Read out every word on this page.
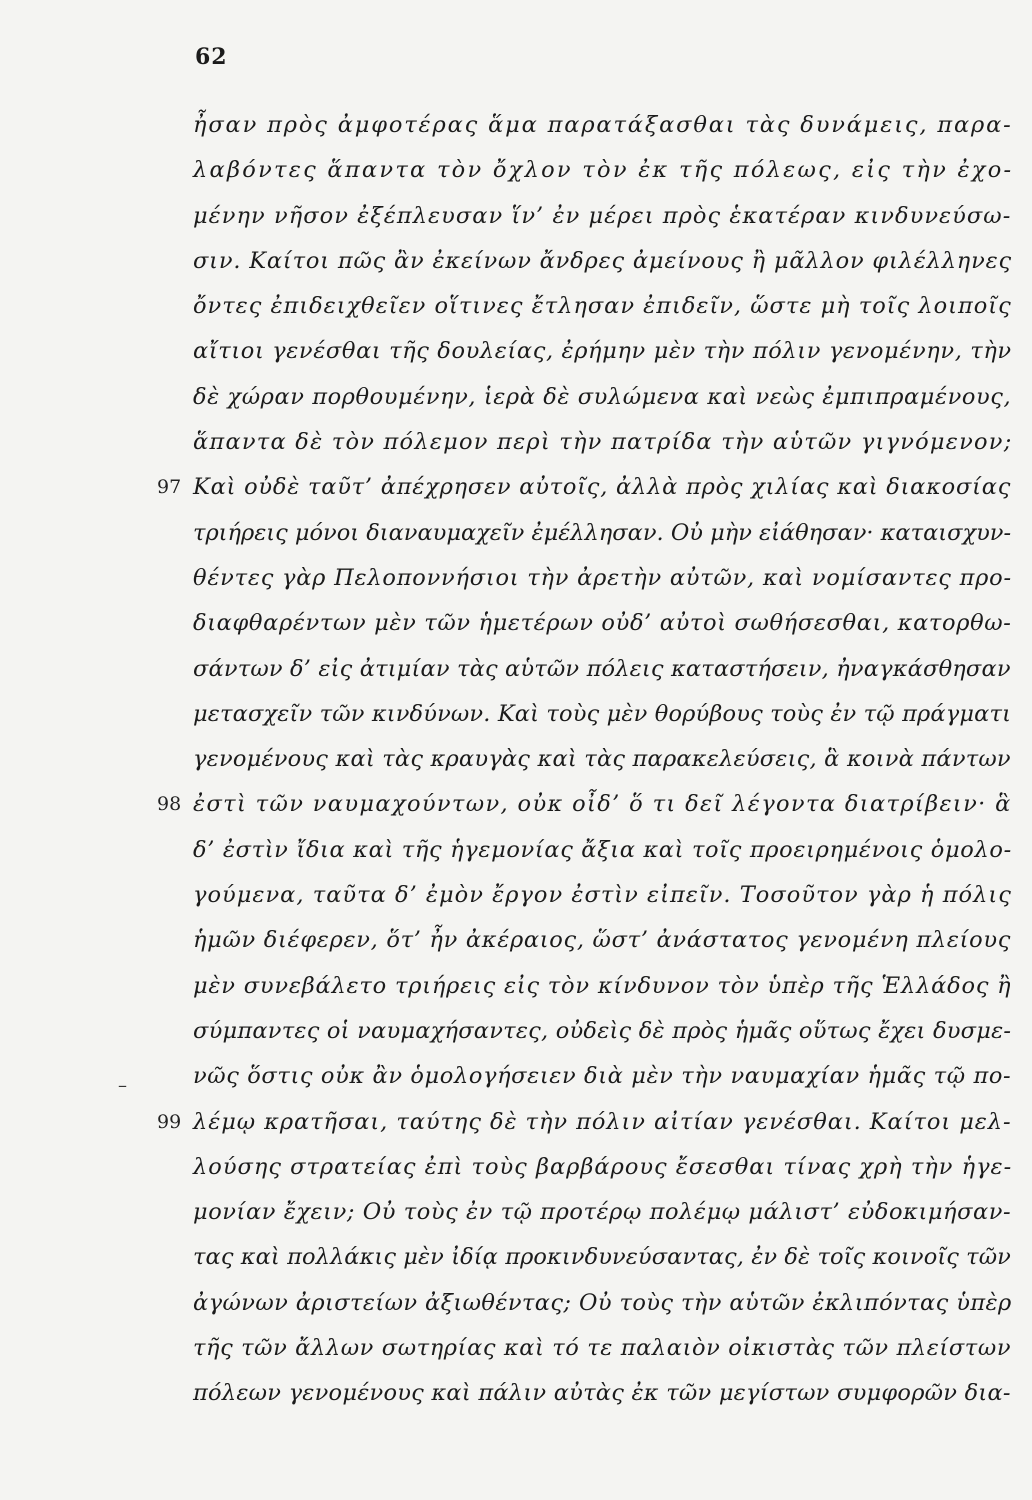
62
–
ἦσαν πρὸς ἀμφοτέρας ἅμα παρατάξασθαι τὰς δυνάμεις, παρα-
λαβόντες ἅπαντα τὸν ὄχλον τὸν ἐκ τῆς πόλεως, εἰς τὴν ἐχο-
μένην νῆσον ἐξέπλευσαν ἵν’ ἐν μέρει πρὸς ἑκατέραν κινδυνεύσω-
σιν. Καίτοι πῶς ἂν ἐκείνων ἄνδρες ἀμείνους ἢ μᾶλλον φιλέλληνες
ὄντες ἐπιδειχθεῖεν οἵτινες ἔτλησαν ἐπιδεῖν, ὥστε μὴ τοῖς λοιποῖς
αἴτιοι γενέσθαι τῆς δουλείας, ἐρήμην μὲν τὴν πόλιν γενομένην, τὴν
δὲ χώραν πορθουμένην, ἱερὰ δὲ συλώμενα καὶ νεὼς ἐμπιπραμένους,
ἅπαντα δὲ τὸν πόλεμον περὶ τὴν πατρίδα τὴν αὑτῶν γιγνόμενον;
97 Καὶ οὐδὲ ταῦτ’ ἀπέχρησεν αὐτοῖς, ἀλλὰ πρὸς χιλίας καὶ διακοσίας
τριήρεις μόνοι διαναυμαχεῖν ἐμέλλησαν. Οὐ μὴν εἰάθησαν· καταισχυν-
θέντες γὰρ Πελοποννήσιοι τὴν ἀρετὴν αὐτῶν, καὶ νομίσαντες προ-
διαφθαρέντων μὲν τῶν ἡμετέρων οὐδ’ αὐτοὶ σωθήσεσθαι, κατορθω-
σάντων δ’ εἰς ἀτιμίαν τὰς αὑτῶν πόλεις καταστήσειν, ἠναγκάσθησαν
μετασχεῖν τῶν κινδύνων. Καὶ τοὺς μὲν θορύβους τοὺς ἐν τῷ πράγματι
γενομένους καὶ τὰς κραυγὰς καὶ τὰς παρακελεύσεις, ἃ κοινὰ πάντων
98 ἐστὶ τῶν ναυμαχούντων, οὐκ οἶδ’ ὅ τι δεῖ λέγοντα διατρίβειν· ἃ
δ’ ἐστὶν ἴδια καὶ τῆς ἡγεμονίας ἄξια καὶ τοῖς προειρημένοις ὁμολο-
γούμενα, ταῦτα δ’ ἐμὸν ἔργον ἐστὶν εἰπεῖν. Τοσοῦτον γὰρ ἡ πόλις
ἡμῶν διέφερεν, ὅτ’ ἦν ἀκέραιος, ὥστ’ ἀνάστατος γενομένη πλείους
μὲν συνεβάλετο τριήρεις εἰς τὸν κίνδυνον τὸν ὑπὲρ τῆς Ἑλλάδος ἢ
σύμπαντες οἱ ναυμαχήσαντες, οὐδεὶς δὲ πρὸς ἡμᾶς οὕτως ἔχει δυσμε-
νῶς ὅστις οὐκ ἂν ὁμολογήσειεν διὰ μὲν τὴν ναυμαχίαν ἡμᾶς τῷ πο-
99 λέμῳ κρατῆσαι, ταύτης δὲ τὴν πόλιν αἰτίαν γενέσθαι. Καίτοι μελ-
λούσης στρατείας ἐπὶ τοὺς βαρβάρους ἔσεσθαι τίνας χρὴ τὴν ἡγε-
μονίαν ἔχειν; Οὐ τοὺς ἐν τῷ προτέρῳ πολέμῳ μάλιστ’ εὐδοκιμήσαν-
τας καὶ πολλάκις μὲν ἰδίᾳ προκινδυνεύσαντας, ἐν δὲ τοῖς κοινοῖς τῶν
ἀγώνων ἀριστείων ἀξιωθέντας; Οὐ τοὺς τὴν αὑτῶν ἐκλιπόντας ὑπὲρ
τῆς τῶν ἄλλων σωτηρίας καὶ τό τε παλαιὸν οἰκιστὰς τῶν πλείστων
πόλεων γενομένους καὶ πάλιν αὐτὰς ἐκ τῶν μεγίστων συμφορῶν δια-
